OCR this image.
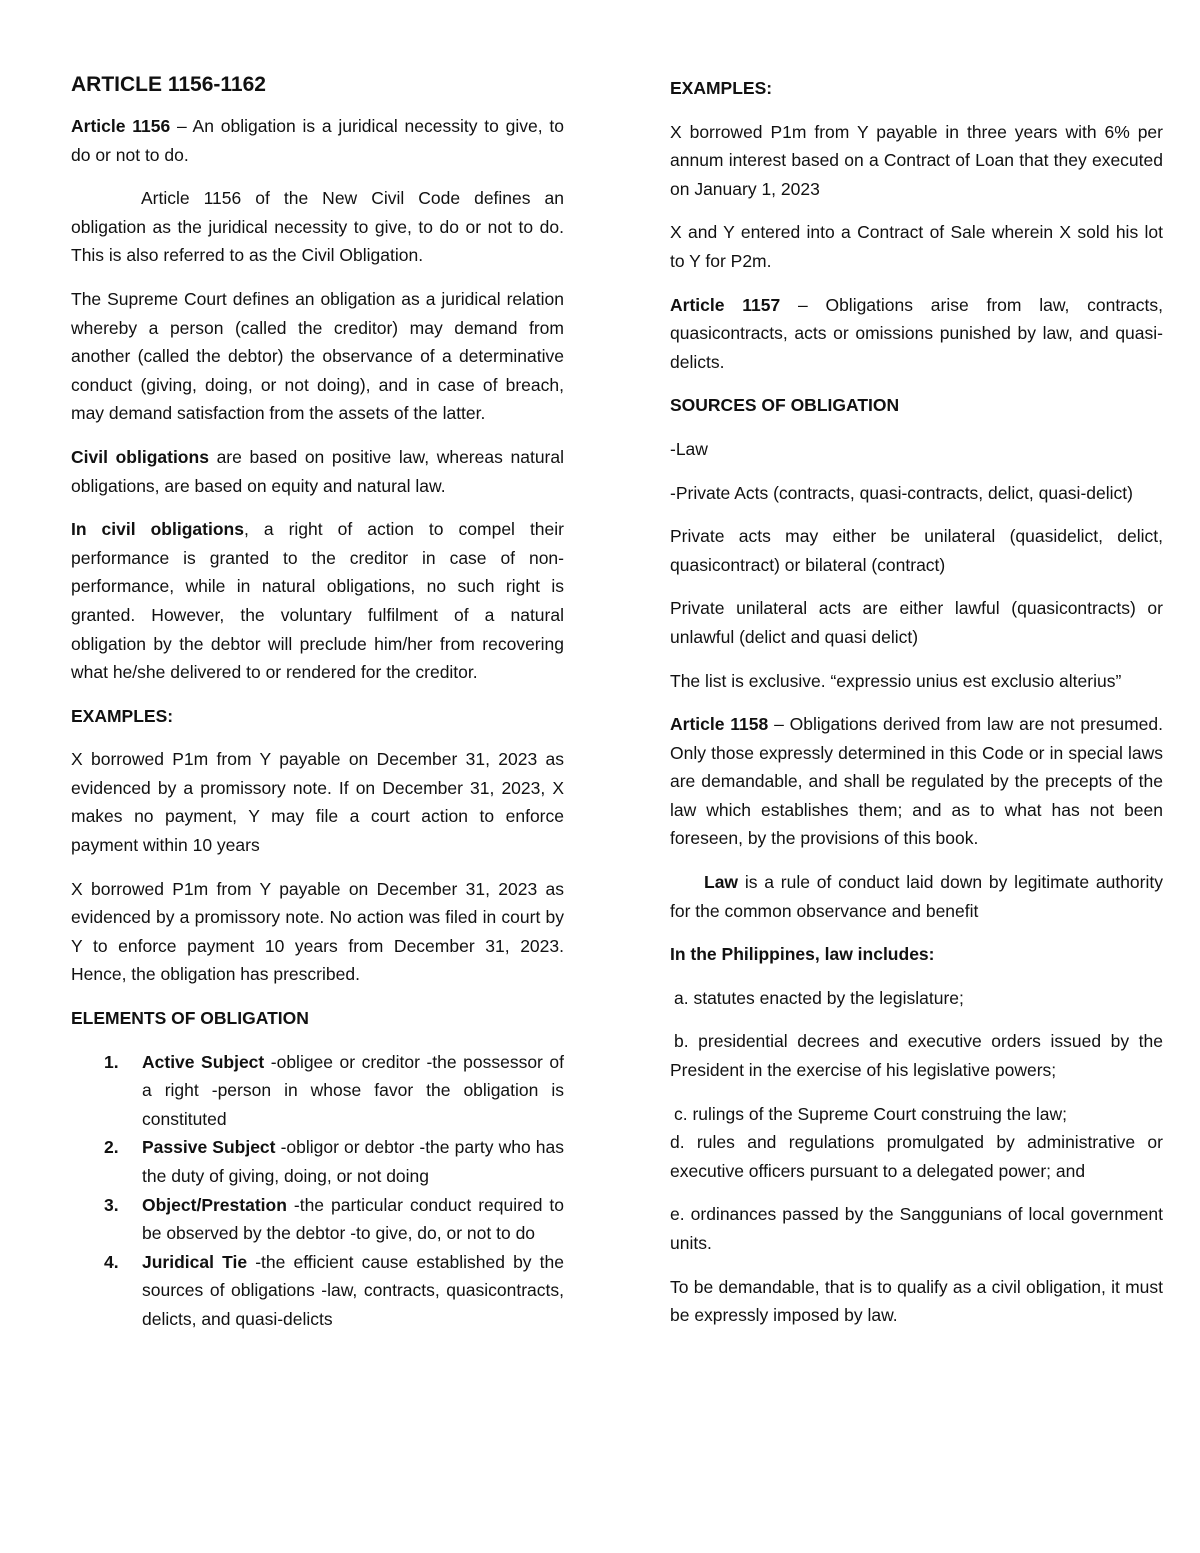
ARTICLE 1156-1162

Article 1156 – An obligation is a juridical necessity to give, to do or not to do.

Article 1156 of the New Civil Code defines an obligation as the juridical necessity to give, to do or not to do. This is also referred to as the Civil Obligation.

The Supreme Court defines an obligation as a juridical relation whereby a person (called the creditor) may demand from another (called the debtor) the observance of a determinative conduct (giving, doing, or not doing), and in case of breach, may demand satisfaction from the assets of the latter.

Civil obligations are based on positive law, whereas natural obligations, are based on equity and natural law.

In civil obligations, a right of action to compel their performance is granted to the creditor in case of non-performance, while in natural obligations, no such right is granted. However, the voluntary fulfilment of a natural obligation by the debtor will preclude him/her from recovering what he/she delivered to or rendered for the creditor.

EXAMPLES:

X borrowed P1m from Y payable on December 31, 2023 as evidenced by a promissory note. If on December 31, 2023, X makes no payment, Y may file a court action to enforce payment within 10 years

X borrowed P1m from Y payable on December 31, 2023 as evidenced by a promissory note. No action was filed in court by Y to enforce payment 10 years from December 31, 2023. Hence, the obligation has prescribed.

ELEMENTS OF OBLIGATION
1. Active Subject -obligee or creditor -the possessor of a right -person in whose favor the obligation is constituted
2. Passive Subject -obligor or debtor -the party who has the duty of giving, doing, or not doing
3. Object/Prestation -the particular conduct required to be observed by the debtor -to give, do, or not to do
4. Juridical Tie -the efficient cause established by the sources of obligations -law, contracts, quasicontracts, delicts, and quasi-delicts
EXAMPLES:

X borrowed P1m from Y payable in three years with 6% per annum interest based on a Contract of Loan that they executed on January 1, 2023

X and Y entered into a Contract of Sale wherein X sold his lot to Y for P2m.

Article 1157 – Obligations arise from law, contracts, quasicontracts, acts or omissions punished by law, and quasi-delicts.

SOURCES OF OBLIGATION

-Law

-Private Acts (contracts, quasi-contracts, delict, quasi-delict)

Private acts may either be unilateral (quasidelict, delict, quasicontract) or bilateral (contract)

Private unilateral acts are either lawful (quasicontracts) or unlawful (delict and quasi delict)

The list is exclusive. “expressio unius est exclusio alterius”

Article 1158 – Obligations derived from law are not presumed. Only those expressly determined in this Code or in special laws are demandable, and shall be regulated by the precepts of the law which establishes them; and as to what has not been foreseen, by the provisions of this book.

Law is a rule of conduct laid down by legitimate authority for the common observance and benefit

In the Philippines, law includes:

a. statutes enacted by the legislature;

b. presidential decrees and executive orders issued by the President in the exercise of his legislative powers;

c. rulings of the Supreme Court construing the law;

d. rules and regulations promulgated by administrative or executive officers pursuant to a delegated power; and

e. ordinances passed by the Sanggunians of local government units.

To be demandable, that is to qualify as a civil obligation, it must be expressly imposed by law.
